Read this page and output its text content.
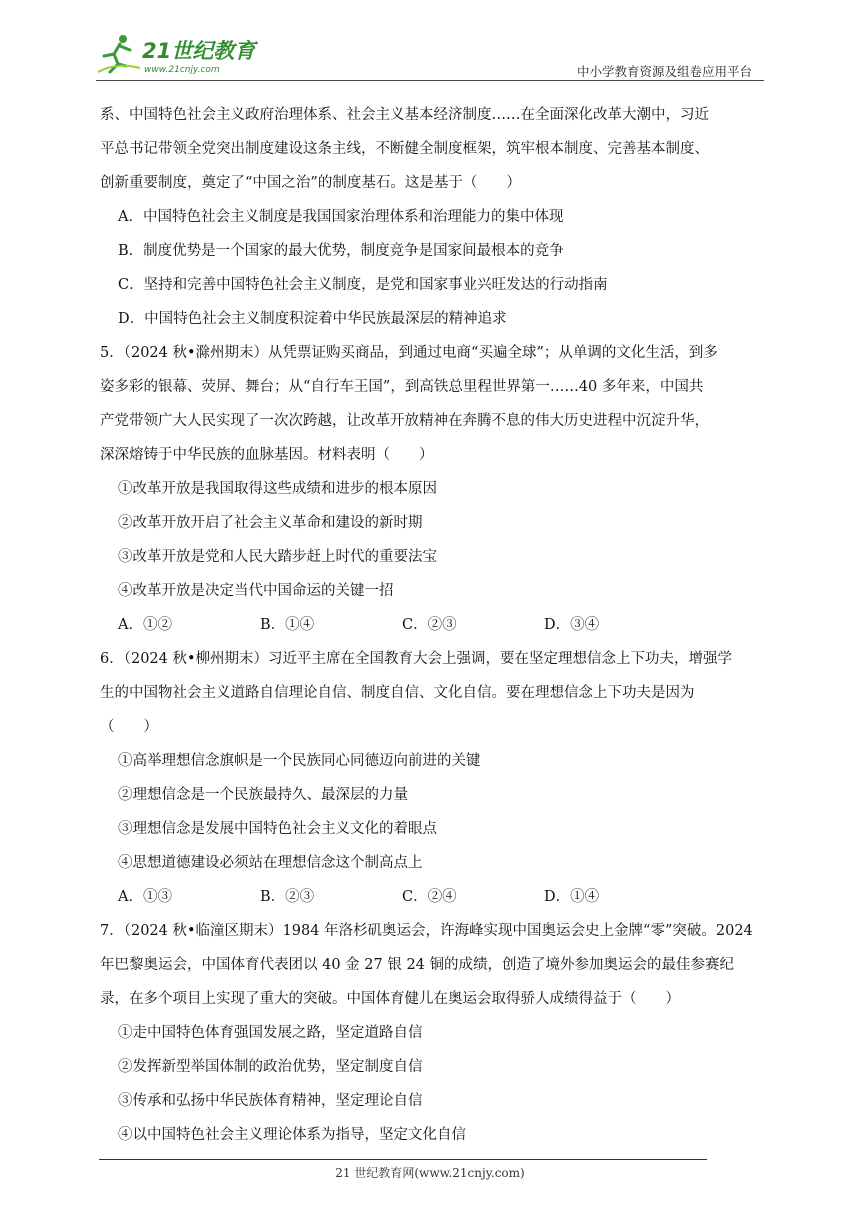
21世纪教育
www.21cnjy.com	中小学教育资源及组卷应用平台
系、中国特色社会主义政府治理体系、社会主义基本经济制度……在全面深化改革大潮中，习近
平总书记带领全党突出制度建设这条主线，不断健全制度框架，筑牢根本制度、完善基本制度、
创新重要制度，奠定了“中国之治”的制度基石。这是基于（　　）
A．中国特色社会主义制度是我国国家治理体系和治理能力的集中体现
B．制度优势是一个国家的最大优势，制度竞争是国家间最根本的竞争
C．坚持和完善中国特色社会主义制度，是党和国家事业兴旺发达的行动指南
D．中国特色社会主义制度积淀着中华民族最深层的精神追求
5．（2024 秋•滁州期末）从凭票证购买商品，到通过电商“买遍全球”；从单调的文化生活，到多
姿多彩的银幕、荧屏、舞台；从“自行车王国”，到高铁总里程世界第一……40 多年来，中国共
产党带领广大人民实现了一次次跨越，让改革开放精神在奔腾不息的伟大历史进程中沉淀升华，
深深熔铸于中华民族的血脉基因。材料表明（　　）
①改革开放是我国取得这些成绩和进步的根本原因
②改革开放开启了社会主义革命和建设的新时期
③改革开放是党和人民大踏步赶上时代的重要法宝
④改革开放是决定当代中国命运的关键一招
A．①②	B．①④	C．②③	D．③④
6．（2024 秋•柳州期末）习近平主席在全国教育大会上强调，要在坚定理想信念上下功夫，增强学
生的中国物社会主义道路自信理论自信、制度自信、文化自信。要在理想信念上下功夫是因为
（　　）
①高举理想信念旗帜是一个民族同心同德迈向前进的关键
②理想信念是一个民族最持久、最深层的力量
③理想信念是发展中国特色社会主义文化的着眼点
④思想道德建设必须站在理想信念这个制高点上
A．①③	B．②③	C．②④	D．①④
7．（2024 秋•临潼区期末）1984 年洛杉矶奥运会，许海峰实现中国奥运会史上金牌“零”突破。2024
年巴黎奥运会，中国体育代表团以 40 金 27 银 24 铜的成绩，创造了境外参加奥运会的最佳参赛纪
录，在多个项目上实现了重大的突破。中国体育健儿在奥运会取得骄人成绩得益于（　　）
①走中国特色体育强国发展之路，坚定道路自信
②发挥新型举国体制的政治优势，坚定制度自信
③传承和弘扬中华民族体育精神，坚定理论自信
④以中国特色社会主义理论体系为指导，坚定文化自信
21 世纪教育网(www.21cnjy.com)
